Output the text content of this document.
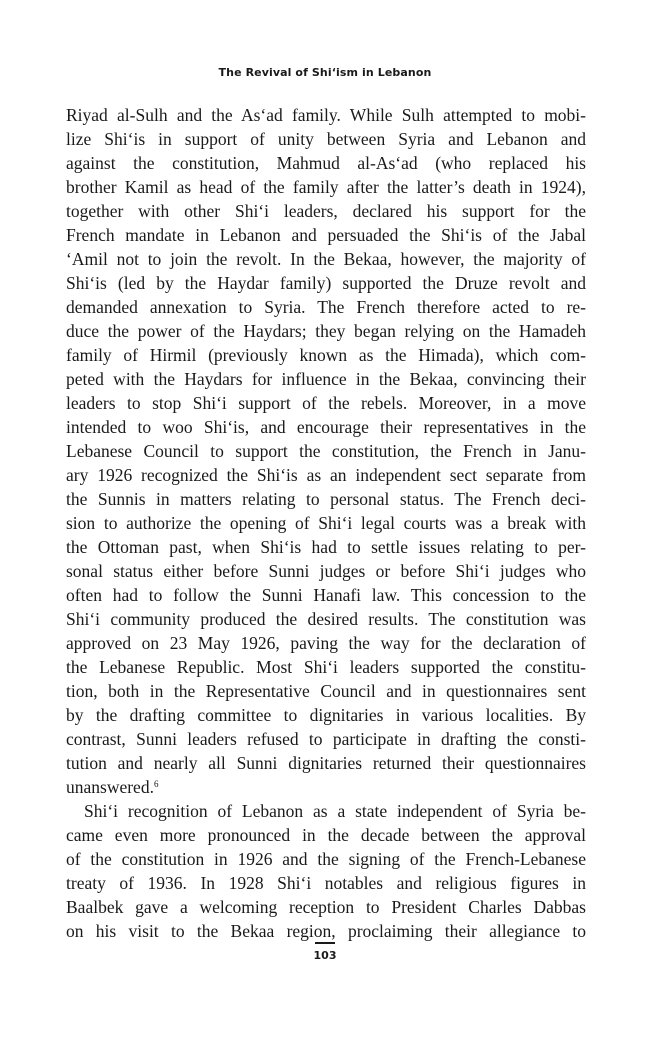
The Revival of Shi‘ism in Lebanon
Riyad al-Sulh and the As‘ad family. While Sulh attempted to mobi-
lize Shi‘is in support of unity between Syria and Lebanon and
against the constitution, Mahmud al-As‘ad (who replaced his
brother Kamil as head of the family after the latter’s death in 1924),
together with other Shi‘i leaders, declared his support for the
French mandate in Lebanon and persuaded the Shi‘is of the Jabal
‘Amil not to join the revolt. In the Bekaa, however, the majority of
Shi‘is (led by the Haydar family) supported the Druze revolt and
demanded annexation to Syria. The French therefore acted to re-
duce the power of the Haydars; they began relying on the Hamadeh
family of Hirmil (previously known as the Himada), which com-
peted with the Haydars for influence in the Bekaa, convincing their
leaders to stop Shi‘i support of the rebels. Moreover, in a move
intended to woo Shi‘is, and encourage their representatives in the
Lebanese Council to support the constitution, the French in Janu-
ary 1926 recognized the Shi‘is as an independent sect separate from
the Sunnis in matters relating to personal status. The French deci-
sion to authorize the opening of Shi‘i legal courts was a break with
the Ottoman past, when Shi‘is had to settle issues relating to per-
sonal status either before Sunni judges or before Shi‘i judges who
often had to follow the Sunni Hanafi law. This concession to the
Shi‘i community produced the desired results. The constitution was
approved on 23 May 1926, paving the way for the declaration of
the Lebanese Republic. Most Shi‘i leaders supported the constitu-
tion, both in the Representative Council and in questionnaires sent
by the drafting committee to dignitaries in various localities. By
contrast, Sunni leaders refused to participate in drafting the consti-
tution and nearly all Sunni dignitaries returned their questionnaires
unanswered.$^6$
Shi‘i recognition of Lebanon as a state independent of Syria be-
came even more pronounced in the decade between the approval
of the constitution in 1926 and the signing of the French-Lebanese
treaty of 1936. In 1928 Shi‘i notables and religious figures in
Baalbek gave a welcoming reception to President Charles Dabbas
on his visit to the Bekaa region, proclaiming their allegiance to
103
